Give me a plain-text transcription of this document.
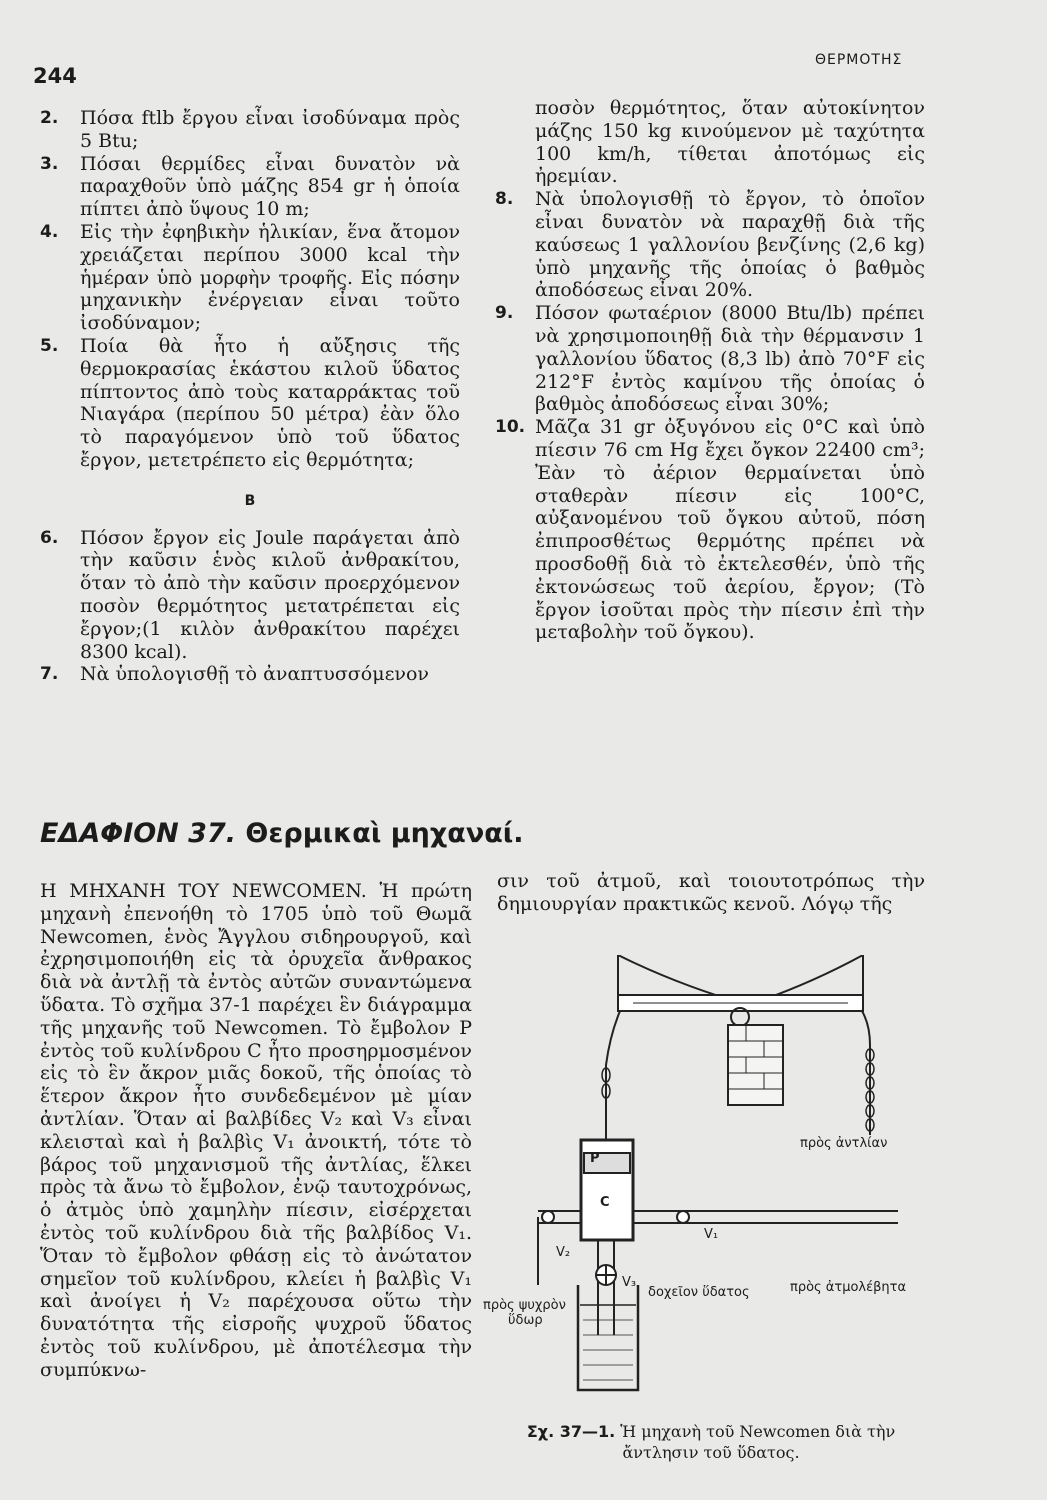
244
ΘΕΡΜΟΤΗΣ
2. Πόσα ftlb ἔργου εἶναι ἰσοδύναμα πρὸς 5 Btu;
3. Πόσαι θερμίδες εἶναι δυνατὸν νὰ παραχθοῦν ὑπὸ μάζης 854 gr ἡ ὁποία πίπτει ἀπὸ ὕψους 10 m;
4. Εἰς τὴν ἐφηβικὴν ἡλικίαν, ἕνα ἄτομον χρειάζεται περίπου 3000 kcal τὴν ἡμέραν ὑπὸ μορφὴν τροφῆς. Εἰς πόσην μηχανικὴν ἐνέργειαν εἶναι τοῦτο ἰσοδύναμον;
5. Ποία θὰ ἦτο ἡ αὔξησις τῆς θερμοκρασίας ἑκάστου κιλοῦ ὕδατος πίπτοντος ἀπὸ τοὺς καταρράκτας τοῦ Νιαγάρα (περίπου 50 μέτρα) ἐὰν ὅλο τὸ παραγόμενον ὑπὸ τοῦ ὕδατος ἔργον, μετετρέπετο εἰς θερμότητα;
B
6. Πόσον ἔργον εἰς Joule παράγεται ἀπὸ τὴν καῦσιν ἑνὸς κιλοῦ ἀνθρακίτου, ὅταν τὸ ἀπὸ τὴν καῦσιν προερχόμενον ποσὸν θερμότητος μετατρέπεται εἰς ἔργον;(1 κιλὸν ἀνθρακίτου παρέχει 8300 kcal).
7. Νὰ ὑπολογισθῇ τὸ ἀναπτυσσόμενον
ποσὸν θερμότητος, ὅταν αὐτοκίνητον μάζης 150 kg κινούμενον μὲ ταχύτητα 100 km/h, τίθεται ἀποτόμως εἰς ἠρεμίαν.
8. Νὰ ὑπολογισθῇ τὸ ἔργον, τὸ ὁποῖον εἶναι δυνατὸν νὰ παραχθῇ διὰ τῆς καύσεως 1 γαλλονίου βενζίνης (2,6 kg) ὑπὸ μηχανῆς τῆς ὁποίας ὁ βαθμὸς ἀποδόσεως εἶναι 20%.
9. Πόσον φωταέριον (8000 Btu/lb) πρέπει νὰ χρησιμοποιηθῇ διὰ τὴν θέρμανσιν 1 γαλλονίου ὕδατος (8,3 lb) ἀπὸ 70°F εἰς 212°F ἐντὸς καμίνου τῆς ὁποίας ὁ βαθμὸς ἀποδόσεως εἶναι 30%;
10. Μᾶζα 31 gr ὀξυγόνου εἰς 0°C καὶ ὑπὸ πίεσιν 76 cm Hg ἔχει ὄγκον 22400 cm³; Ἐὰν τὸ ἀέριον θερμαίνεται ὑπὸ σταθερὰν πίεσιν εἰς 100°C, αὐξανομένου τοῦ ὄγκου αὐτοῦ, πόση ἐπιπροσθέτως θερμότης πρέπει νὰ προσδοθῇ διὰ τὸ ἐκτελεσθέν, ὑπὸ τῆς ἐκτονώσεως τοῦ ἀερίου, ἔργον; (Τὸ ἔργον ἰσοῦται πρὸς τὴν πίεσιν ἐπὶ τὴν μεταβολὴν τοῦ ὄγκου).
ΕΔΑΦΙΟΝ 37. Θερμικαὶ μηχαναί.
Η ΜΗΧΑΝΗ ΤΟΥ NEWCOMEN. Ἡ πρώτη μηχανὴ ἐπενοήθη τὸ 1705 ὑπὸ τοῦ Θωμᾶ Newcomen, ἑνὸς Ἄγγλου σιδηρουργοῦ, καὶ ἐχρησιμοποιήθη εἰς τὰ ὀρυχεῖα ἄνθρακος διὰ νὰ ἀντλῇ τὰ ἐντὸς αὐτῶν συναντώμενα ὕδατα. Τὸ σχῆμα 37-1 παρέχει ἓν διάγραμμα τῆς μηχανῆς τοῦ Newcomen. Τὸ ἔμβολον P ἐντὸς τοῦ κυλίνδρου C ἦτο προσηρμοσμένον εἰς τὸ ἓν ἄκρον μιᾶς δοκοῦ, τῆς ὁποίας τὸ ἕτερον ἄκρον ἦτο συνδεδεμένον μὲ μίαν ἀντλίαν. Ὅταν αἱ βαλβίδες V₂ καὶ V₃ εἶναι κλεισταὶ καὶ ἡ βαλβὶς V₁ ἀνοικτή, τότε τὸ βάρος τοῦ μηχανισμοῦ τῆς ἀντλίας, ἕλκει πρὸς τὰ ἄνω τὸ ἔμβολον, ἐνῷ ταυτοχρόνως, ὁ ἀτμὸς ὑπὸ χαμηλὴν πίεσιν, εἰσέρχεται ἐντὸς τοῦ κυλίνδρου διὰ τῆς βαλβίδος V₁. Ὅταν τὸ ἔμβολον φθάσῃ εἰς τὸ ἀνώτατον σημεῖον τοῦ κυλίνδρου, κλείει ἡ βαλβὶς V₁ καὶ ἀνοίγει ἡ V₂ παρέχουσα οὕτω τὴν δυνατότητα τῆς εἰσροῆς ψυχροῦ ὕδατος ἐντὸς τοῦ κυλίνδρου, μὲ ἀποτέλεσμα τὴν συμπύκνω-
σιν τοῦ ἀτμοῦ, καὶ τοιουτοτρόπως τὴν δημιουργίαν πρακτικῶς κενοῦ. Λόγῳ τῆς
P
C
V₁
V₂
V₃
πρὸς ἀντλίαν
πρὸς ἀτμολέβητα
δοχεῖον ὕδατος
πρὸς ψυχρὸν
ὕδωρ
Σχ. 37—1. Ἡ μηχανὴ τοῦ Newcomen διὰ τὴν ἄντλησιν τοῦ ὕδατος.
